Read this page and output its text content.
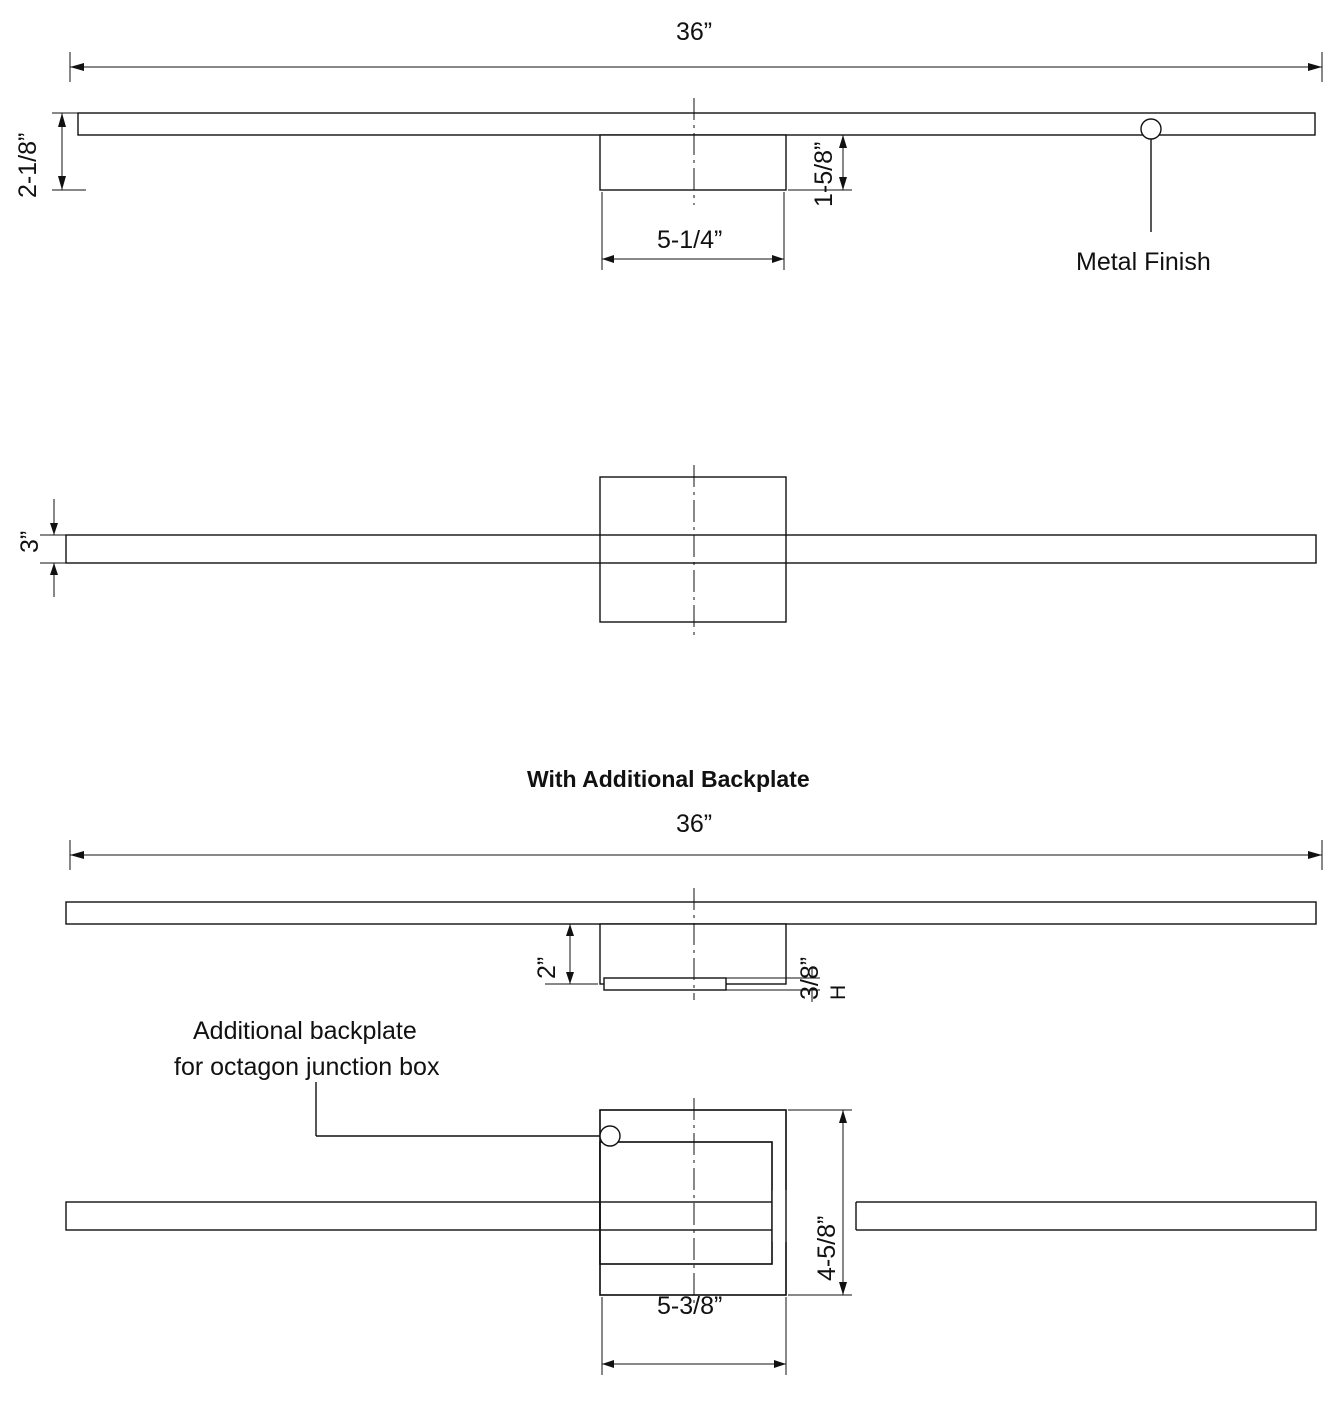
36”
2-1/8”	1-5/8”
5-1/4”
Metal Finish
3”
With Additional Backplate
36”
2”	3/8” H
Additional backplate
for octagon junction box
4-5/8”
5-3/8”
